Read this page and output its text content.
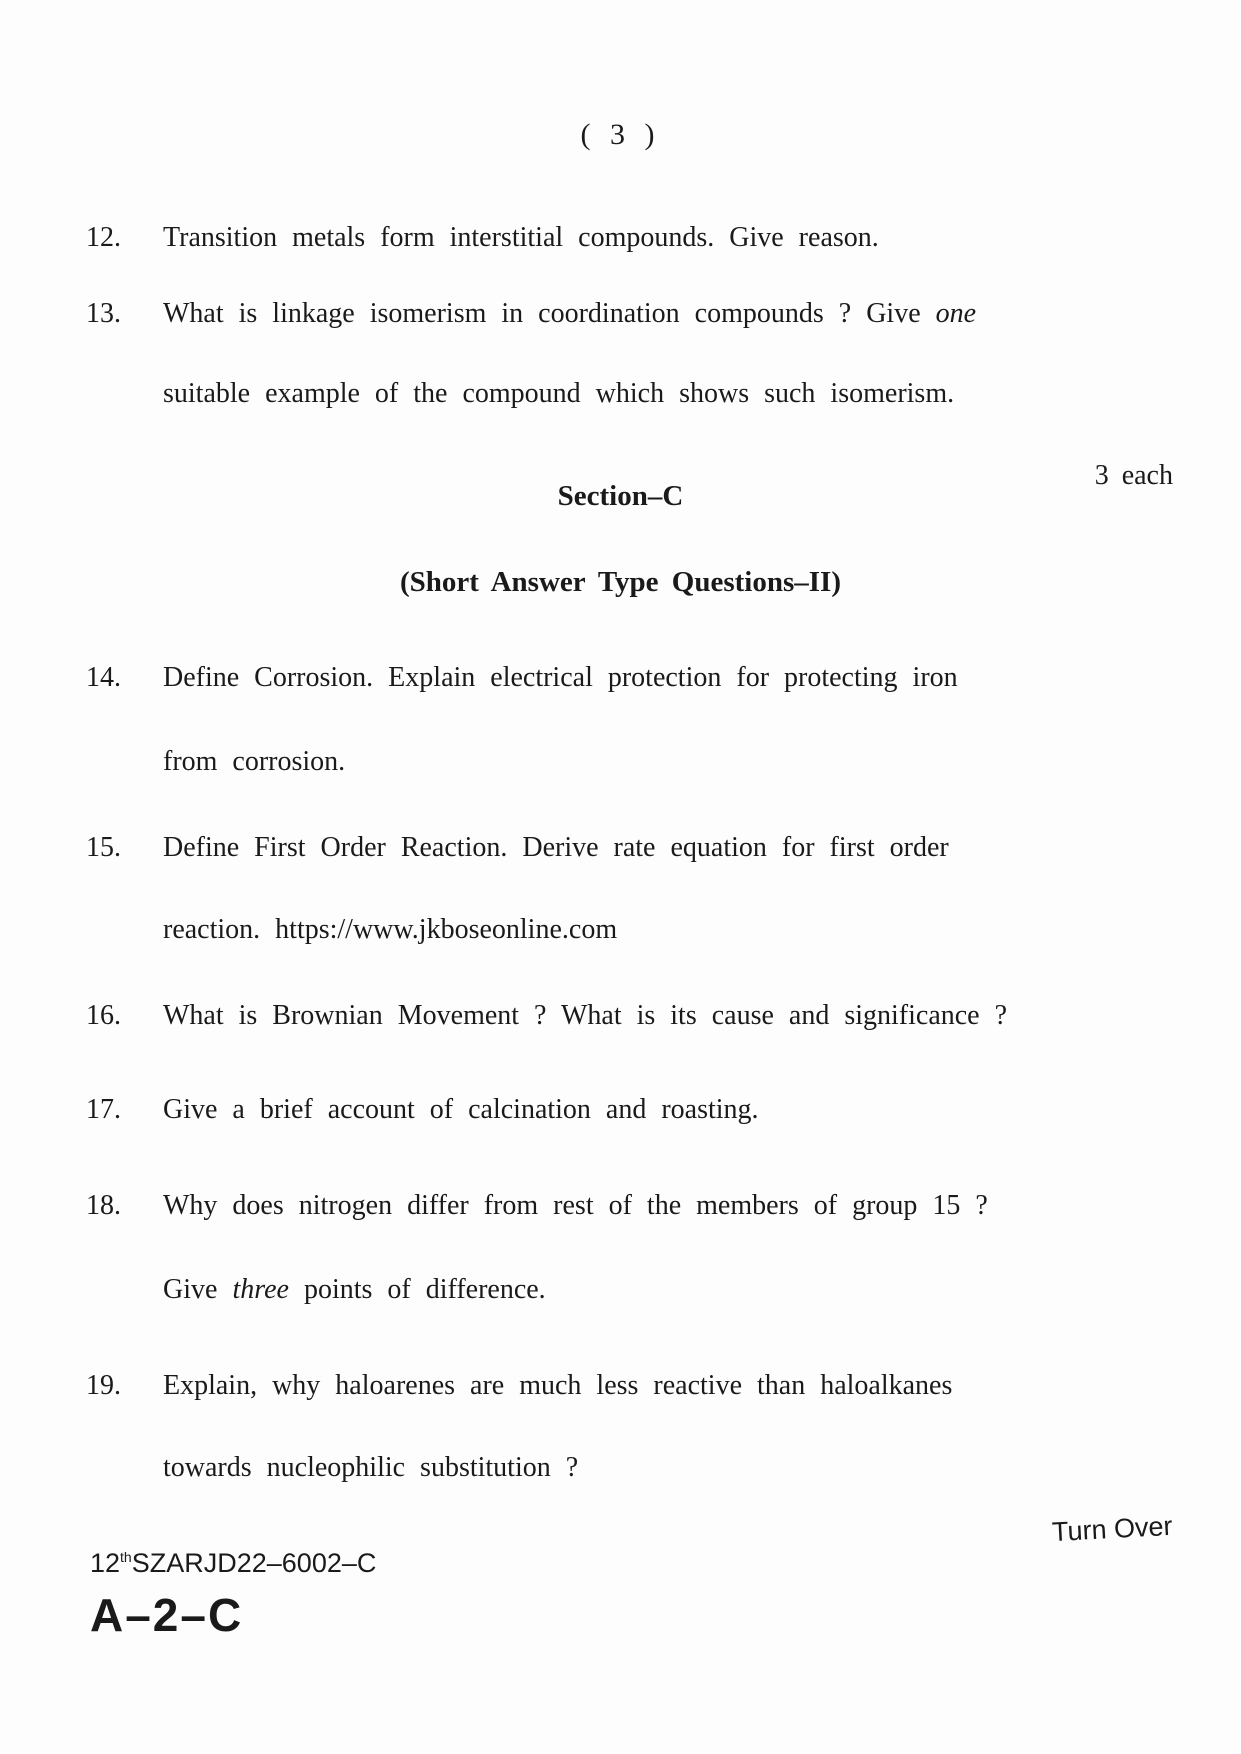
( 3 )
12. Transition metals form interstitial compounds. Give reason.
13. What is linkage isomerism in coordination compounds ? Give one
suitable example of the compound which shows such isomerism.
3 each
Section–C
(Short Answer Type Questions–II)
14. Define Corrosion. Explain electrical protection for protecting iron
from corrosion.
15. Define First Order Reaction. Derive rate equation for first order
reaction. https://www.jkboseonline.com
16. What is Brownian Movement ? What is its cause and significance ?
17. Give a brief account of calcination and roasting.
18. Why does nitrogen differ from rest of the members of group 15 ?
Give three points of difference.
19. Explain, why haloarenes are much less reactive than haloalkanes
towards nucleophilic substitution ?
Turn Over
12thSZARJD22–6002–C
A–2–C
